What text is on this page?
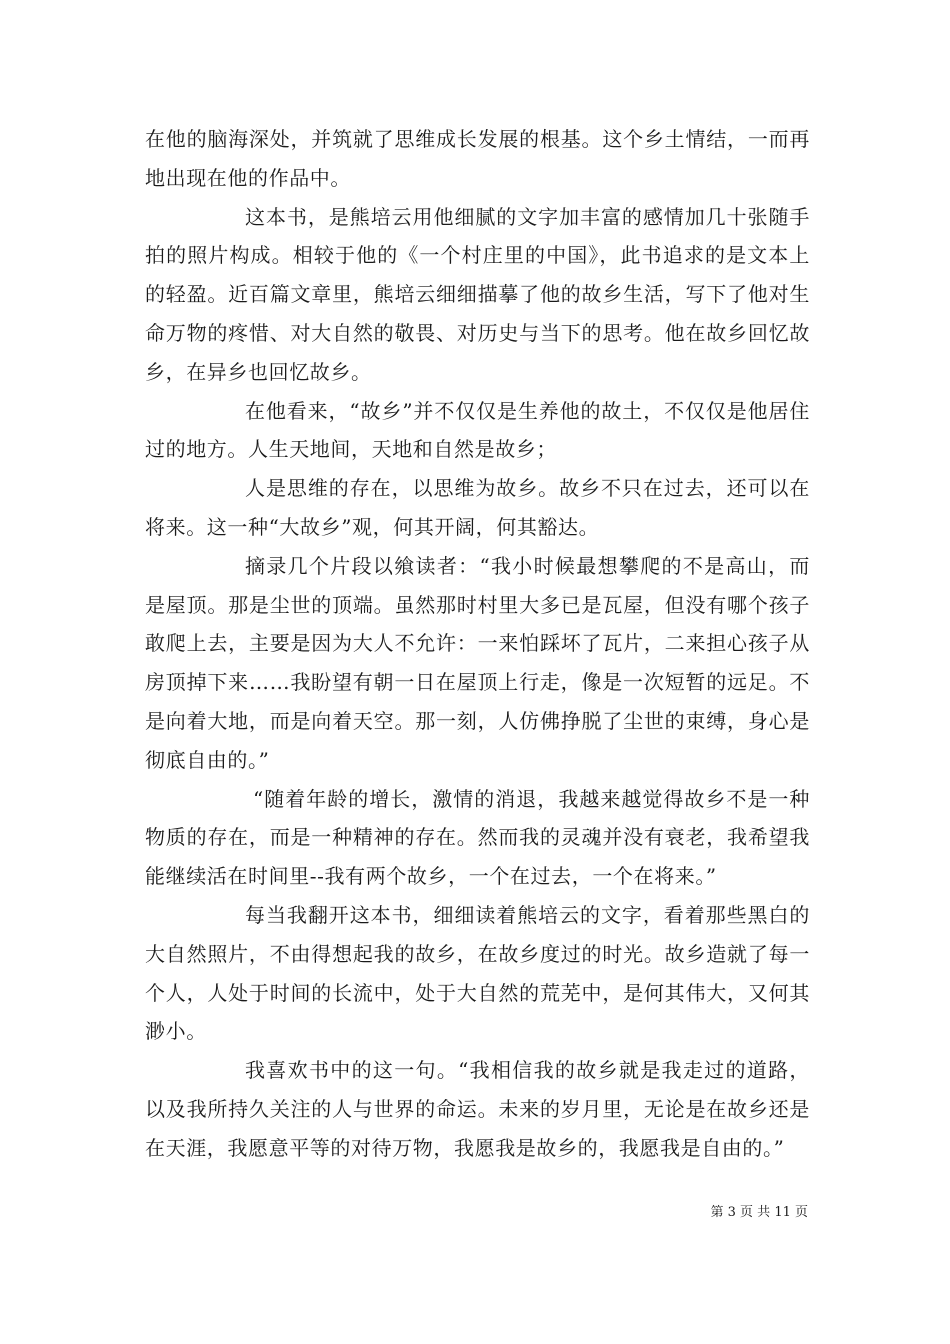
在他的脑海深处，并筑就了思维成长发展的根基。这个乡土情结，一而再地出现在他的作品中。

这本书，是熊培云用他细腻的文字加丰富的感情加几十张随手拍的照片构成。相较于他的《一个村庄里的中国》，此书追求的是文本上的轻盈。近百篇文章里，熊培云细细描摹了他的故乡生活，写下了他对生命万物的疼惜、对大自然的敬畏、对历史与当下的思考。他在故乡回忆故乡，在异乡也回忆故乡。

在他看来，“故乡”并不仅仅是生养他的故土，不仅仅是他居住过的地方。人生天地间，天地和自然是故乡；

人是思维的存在，以思维为故乡。故乡不只在过去，还可以在将来。这一种“大故乡”观，何其开阔，何其豁达。

摘录几个片段以飨读者：“我小时候最想攀爬的不是高山，而是屋顶。那是尘世的顶端。虽然那时村里大多已是瓦屋，但没有哪个孩子敢爬上去，主要是因为大人不允许：一来怕踩坏了瓦片，二来担心孩子从房顶掉下来……我盼望有朝一日在屋顶上行走，像是一次短暂的远足。不是向着大地，而是向着天空。那一刻，人仿佛挣脱了尘世的束缚，身心是彻底自由的。”

“随着年龄的增长，激情的消退，我越来越觉得故乡不是一种物质的存在，而是一种精神的存在。然而我的灵魂并没有衰老，我希望我能继续活在时间里--我有两个故乡，一个在过去，一个在将来。”

每当我翻开这本书，细细读着熊培云的文字，看着那些黑白的大自然照片，不由得想起我的故乡，在故乡度过的时光。故乡造就了每一个人，人处于时间的长流中，处于大自然的荒芜中，是何其伟大，又何其渺小。

我喜欢书中的这一句。“我相信我的故乡就是我走过的道路，以及我所持久关注的人与世界的命运。未来的岁月里，无论是在故乡还是在天涯，我愿意平等的对待万物，我愿我是故乡的，我愿我是自由的。”

第 3 页 共 11 页
